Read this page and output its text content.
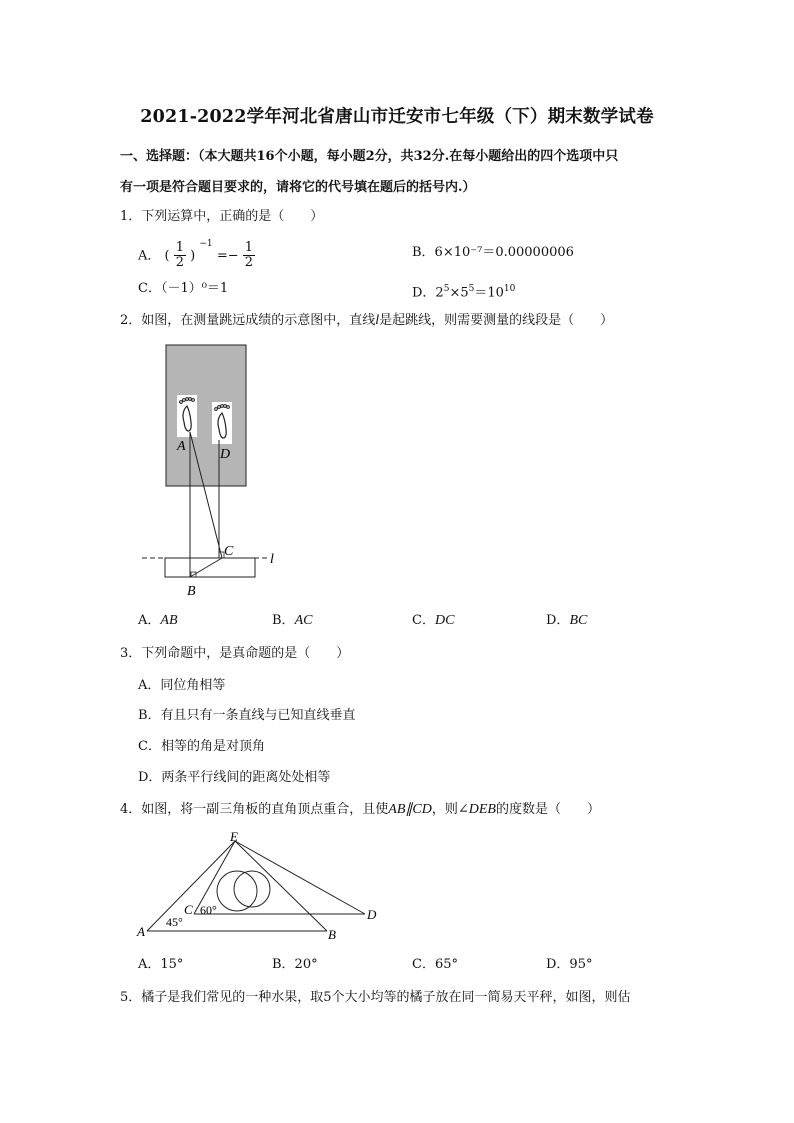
2021-2022学年河北省唐山市迁安市七年级（下）期末数学试卷
一、选择题：（本大题共16个小题，每小题2分，共32分.在每小题给出的四个选项中只
有一项是符合题目要求的，请将它的代号填在题后的括号内.）
1．下列运算中，正确的是（　　）
A． ( $\frac{1}{2}$ ) $^{-1} =- \frac{1}{2}$	B．6×10⁻⁷＝0.00000006
C．（－1）⁰＝1	D．$2^5\times 5^5=10^{10}$
2．如图，在测量跳远成绩的示意图中，直线l是起跳线，则需要测量的线段是（　　）
A
D
C
B
l
A．AB	B．AC	C．DC	D．BC
3．下列命题中，是真命题的是（　　）
A．同位角相等
B．有且只有一条直线与已知直线垂直
C．相等的角是对顶角
D．两条平行线间的距离处处相等
4．如图，将一副三角板的直角顶点重合，且使AB∥CD，则∠DEB的度数是（　　）
E
C
A	B
D
60°
45°
A．15°	B．20°	C．65°	D．95°
5．橘子是我们常见的一种水果，取5个大小均等的橘子放在同一简易天平秤，如图，则估
